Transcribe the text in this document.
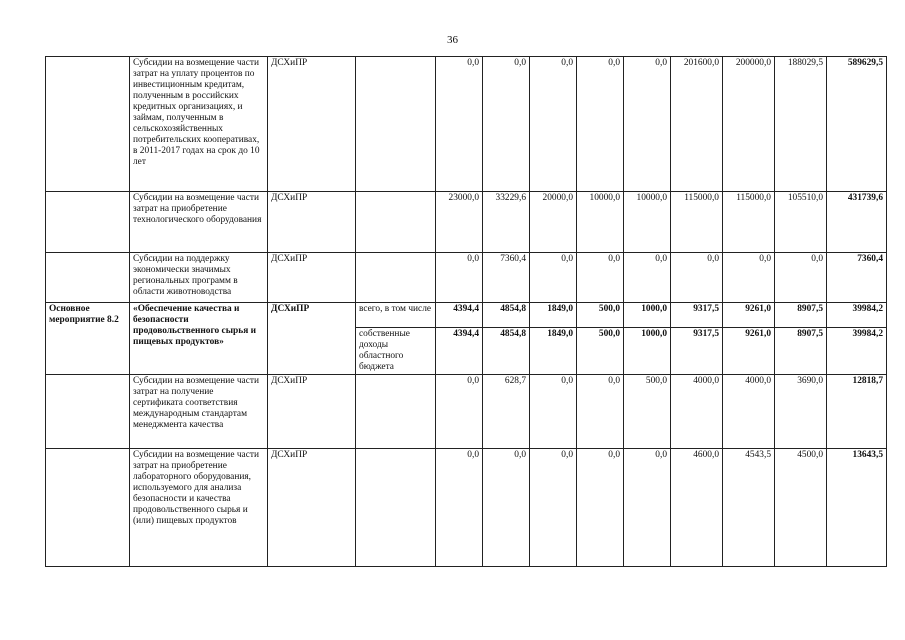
36
	Субсидии на возмещение части затрат на уплату процентов по инвестиционным кредитам, полученным в российских кредитных организациях, и займам, полученным в сельскохозяйственных потребительских кооперативах, в 2011-2017 годах на срок до 10 лет	ДСХиПР		0,0	0,0	0,0	0,0	0,0	201600,0	200000,0	188029,5	589629,5
	Субсидии на возмещение части затрат на приобретение технологического оборудования	ДСХиПР		23000,0	33229,6	20000,0	10000,0	10000,0	115000,0	115000,0	105510,0	431739,6
	Субсидии на поддержку экономически значимых региональных программ в области животноводства	ДСХиПР		0,0	7360,4	0,0	0,0	0,0	0,0	0,0	0,0	7360,4
Основное мероприятие 8.2	«Обеспечение качества и безопасности продовольственного сырья и пищевых продуктов»	ДСХиПР	всего, в том числе	4394,4	4854,8	1849,0	500,0	1000,0	9317,5	9261,0	8907,5	39984,2
			собственные доходы областного бюджета	4394,4	4854,8	1849,0	500,0	1000,0	9317,5	9261,0	8907,5	39984,2
	Субсидии на возмещение части затрат на получение сертификата соответствия международным стандартам менеджмента качества	ДСХиПР		0,0	628,7	0,0	0,0	500,0	4000,0	4000,0	3690,0	12818,7
	Субсидии на возмещение части затрат на приобретение лабораторного оборудования, используемого для анализа безопасности и качества продовольственного сырья и (или) пищевых продуктов	ДСХиПР		0,0	0,0	0,0	0,0	0,0	4600,0	4543,5	4500,0	13643,5
